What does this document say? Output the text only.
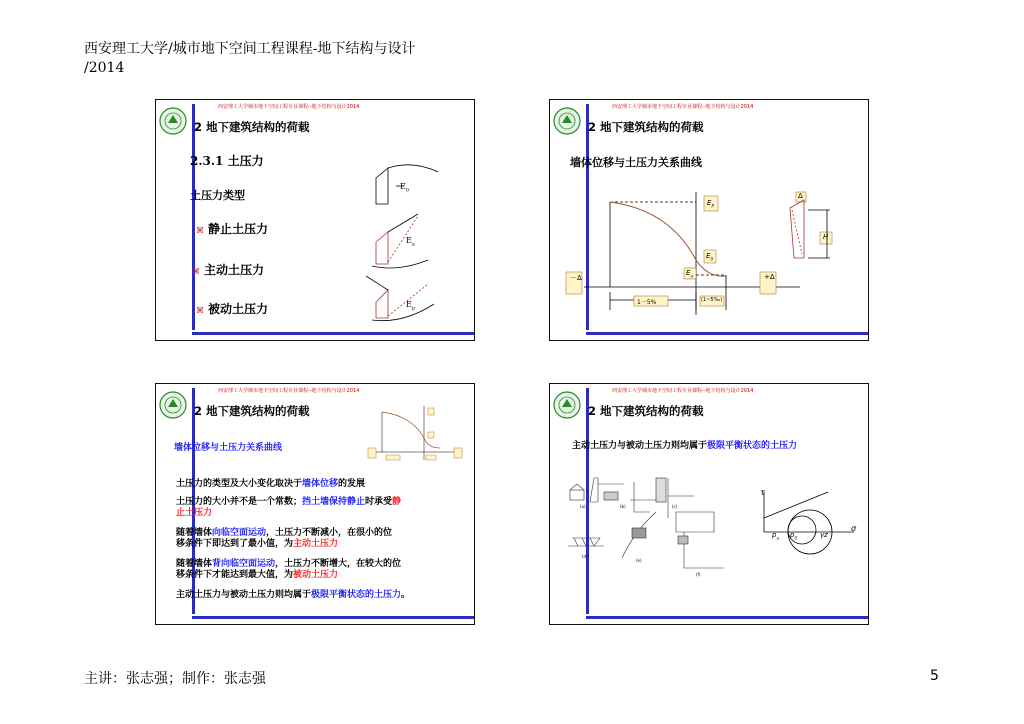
西安理工大学/城市地下空间工程课程-地下结构与设计
/2014
西安理工大学城市地下空间工程专业课程--地下结构与设计2014
2 地下建筑结构的荷载
2.3.1 土压力
土压力类型
⌘ 静止土压力
⌘ 主动土压力
⌘ 被动土压力
$E_0$
$E_a$
$E_p$
西安理工大学城市地下空间工程专业课程--地下结构与设计2014
2 地下建筑结构的荷载
墙体位移与土压力关系曲线
$E_P$
$E_0$
$E_a$
1－5%	(1~5‰)
－Δ	+Δ
Δ
H
西安理工大学城市地下空间工程专业课程--地下结构与设计2014
2 地下建筑结构的荷载
墙体位移与土压力关系曲线
土压力的类型及大小变化取决于墙体位移的发展
土压力的大小并不是一个常数；挡土墙保持静止时承受静
止土压力
随着墙体向临空面运动，土压力不断减小，在很小的位
移条件下即达到了最小值，为主动土压力
随着墙体背向临空面运动，土压力不断增大，在较大的位
移条件下才能达到最大值，为被动土压力
主动土压力与被动土压力则均属于极限平衡状态的土压力。
西安理工大学城市地下空间工程专业课程--地下结构与设计2014
2 地下建筑结构的荷载
主动土压力与被动土压力则均属于极限平衡状态的土压力
(a)	(b)	(c)
(d)
(e)
(f)
τ
σ
$p_a$ $p_0$	γz
主讲：张志强；制作：张志强	5
